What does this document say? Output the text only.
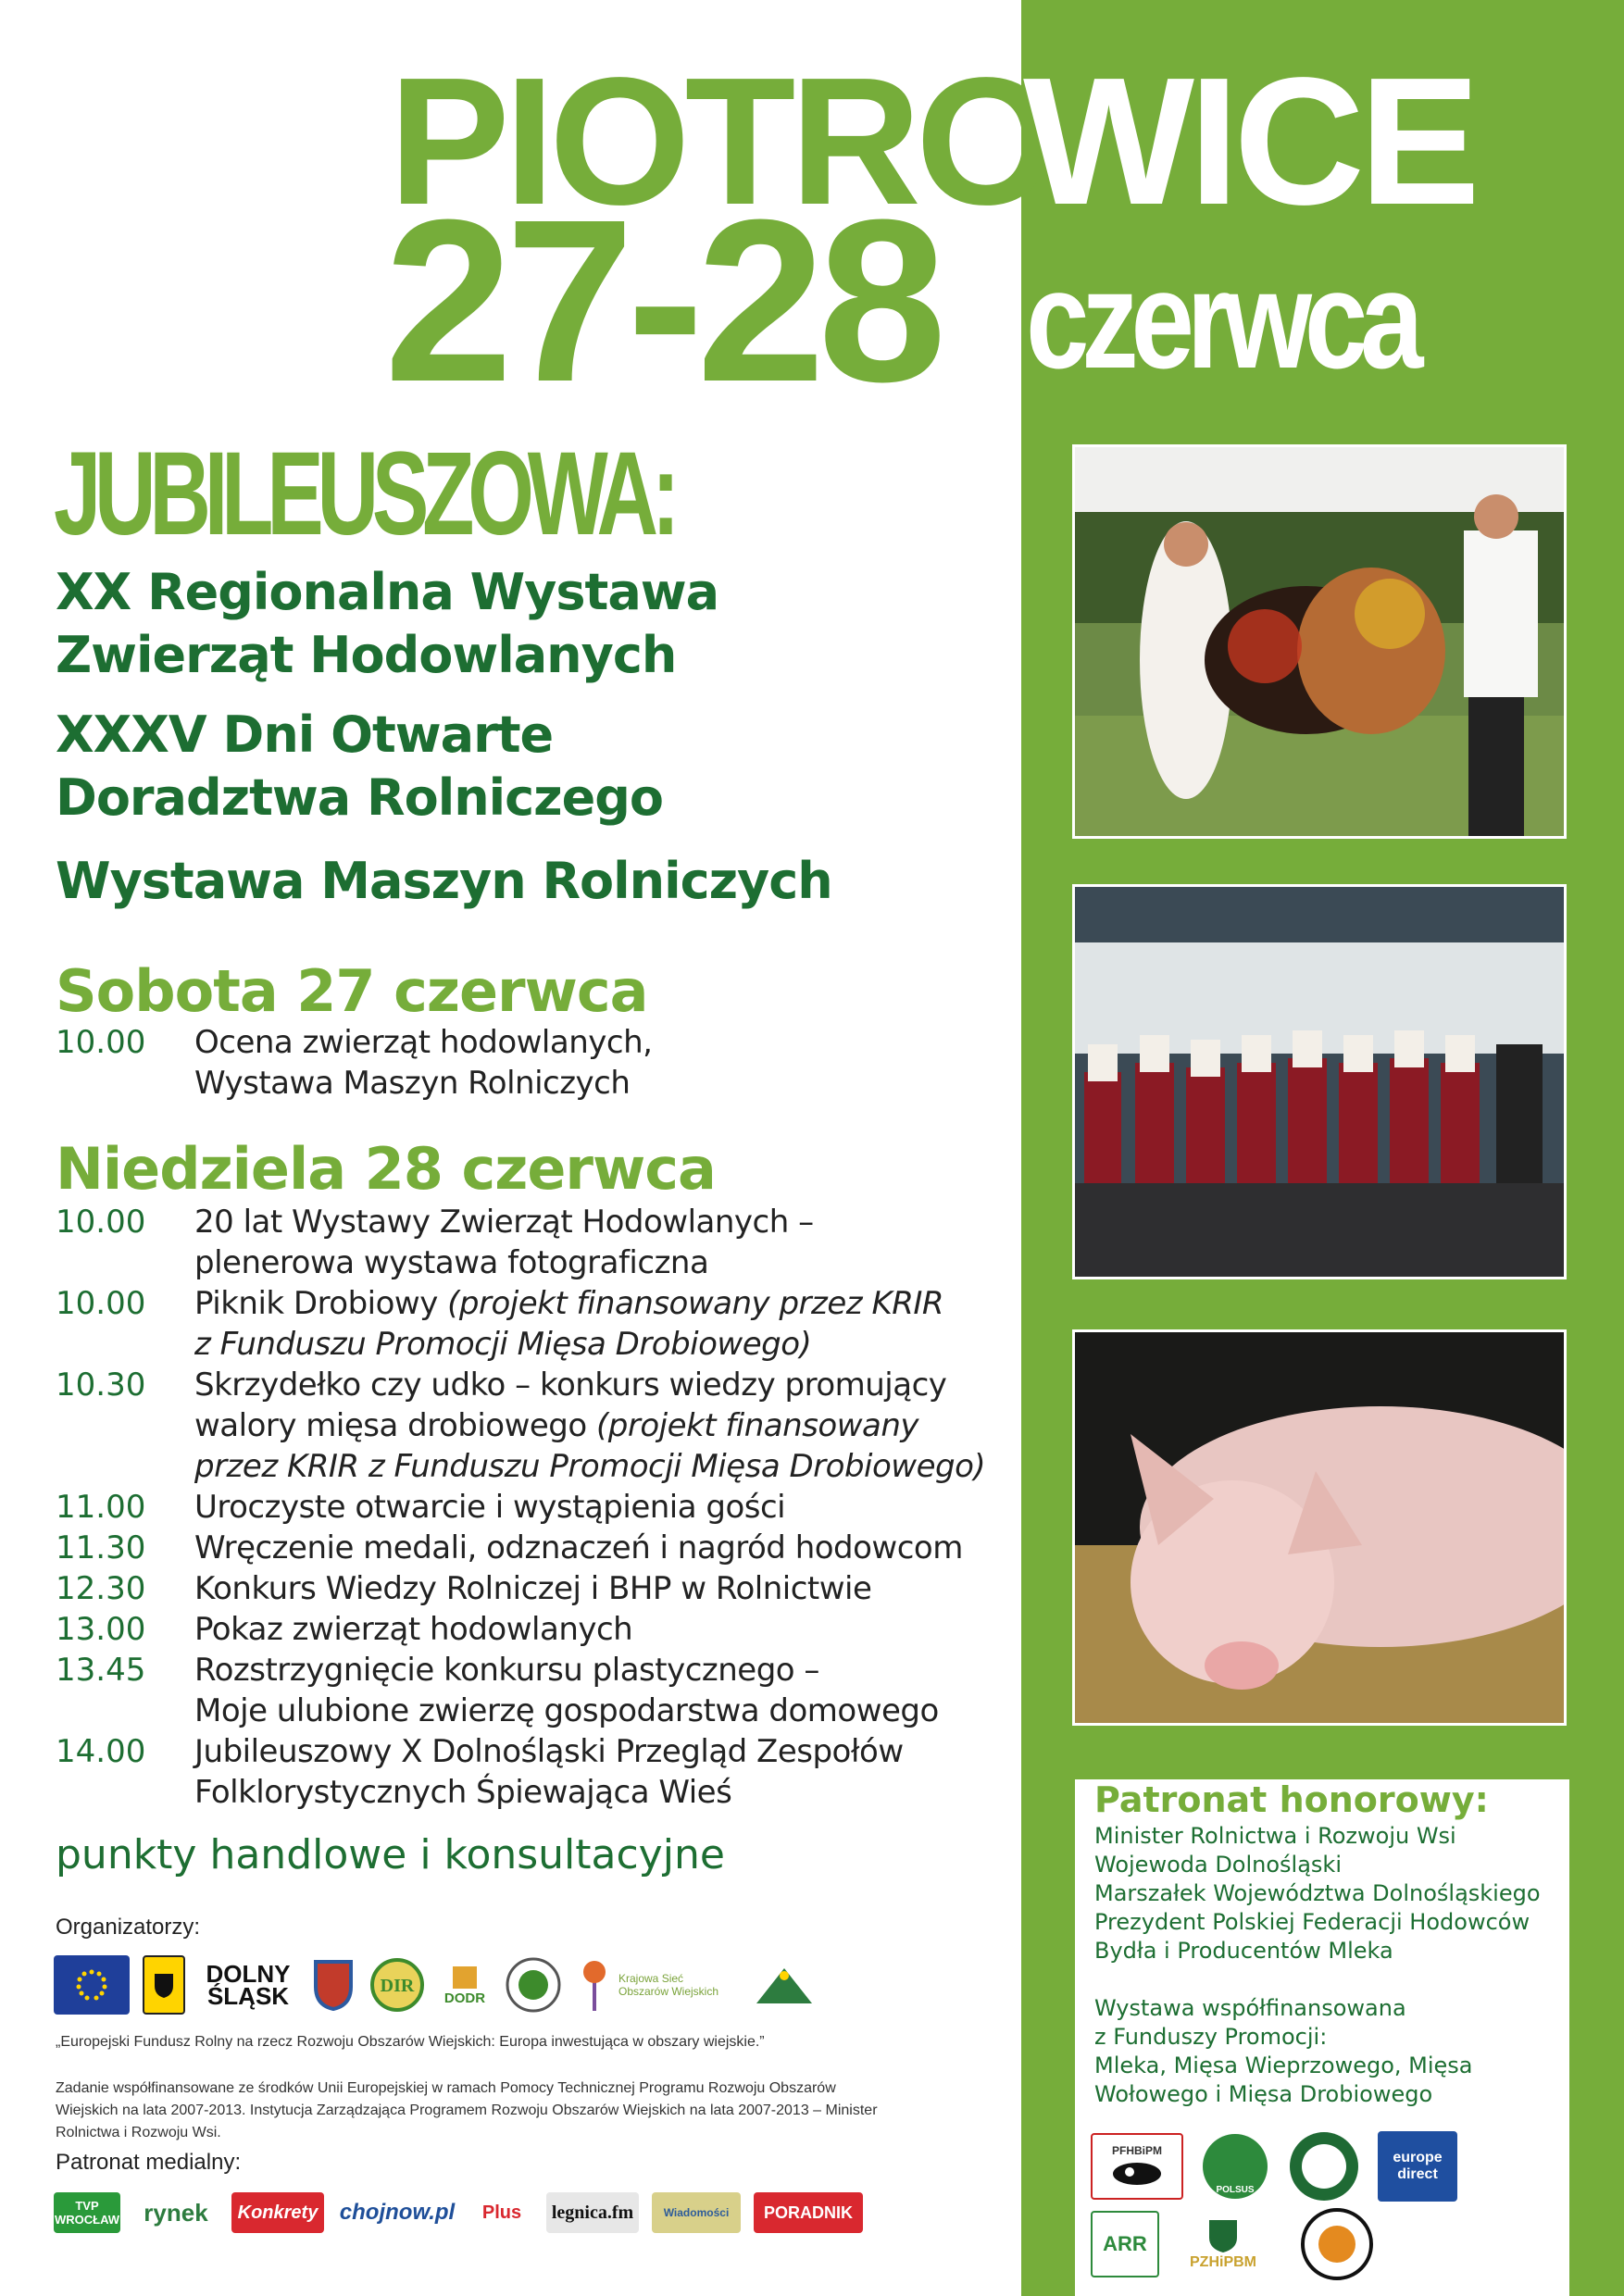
PIOTRO
WICE
27-28 czerwca
JUBILEUSZOWA:
XX Regionalna Wystawa
Zwierząt Hodowlanych
XXXV Dni Otwarte
Doradztwa Rolniczego
Wystawa Maszyn Rolniczych
Sobota 27 czerwca
10.00	Ocena zwierząt hodowlanych,
Wystawa Maszyn Rolniczych
Niedziela 28 czerwca
10.00	20 lat Wystawy Zwierząt Hodowlanych –
plenerowa wystawa fotograficzna
10.00	Piknik Drobiowy (projekt finansowany przez KRIR
z Funduszu Promocji Mięsa Drobiowego)
10.30	Skrzydełko czy udko – konkurs wiedzy promujący
walory mięsa drobiowego (projekt finansowany
przez KRIR z Funduszu Promocji Mięsa Drobiowego)
11.00	Uroczyste otwarcie i wystąpienia gości
11.30	Wręczenie medali, odznaczeń i nagród hodowcom
12.30	Konkurs Wiedzy Rolniczej i BHP w Rolnictwie
13.00	Pokaz zwierząt hodowlanych
13.45	Rozstrzygnięcie konkursu plastycznego –
Moje ulubione zwierzę gospodarstwa domowego
14.00	Jubileuszowy X Dolnośląski Przegląd Zespołów
Folklorystycznych Śpiewająca Wieś
punkty handlowe i konsultacyjne
Organizatorzy:
DOLNY
ŚLĄSK	DIR
DODR
Krajowa Sieć
Obszarów Wiejskich
„Europejski Fundusz Rolny na rzecz Rozwoju Obszarów Wiejskich: Europa inwestująca w obszary wiejskie.”
Zadanie współfinansowane ze środków Unii Europejskiej w ramach Pomocy Technicznej Programu Rozwoju Obszarów Wiejskich na lata 2007-2013. Instytucja Zarządzająca Programem Rozwoju Obszarów Wiejskich na lata 2007-2013 – Minister Rolnictwa i Rozwoju Wsi.
Patronat medialny:
TVP
WROCŁAW	rynek	Konkrety chojnow.pl	Plus	legnica.fm	Wiadomości	PORADNIK
Patronat honorowy:
Minister Rolnictwa i Rozwoju Wsi
Wojewoda Dolnośląski
Marszałek Województwa Dolnośląskiego
Prezydent Polskiej Federacji Hodowców
Bydła i Producentów Mleka
Wystawa współfinansowana
z Funduszy Promocji:
Mleka, Mięsa Wieprzowego, Mięsa
Wołowego i Mięsa Drobiowego
PFHBiPM
POLSUS
europe
direct
ARR
PZHiPBM
